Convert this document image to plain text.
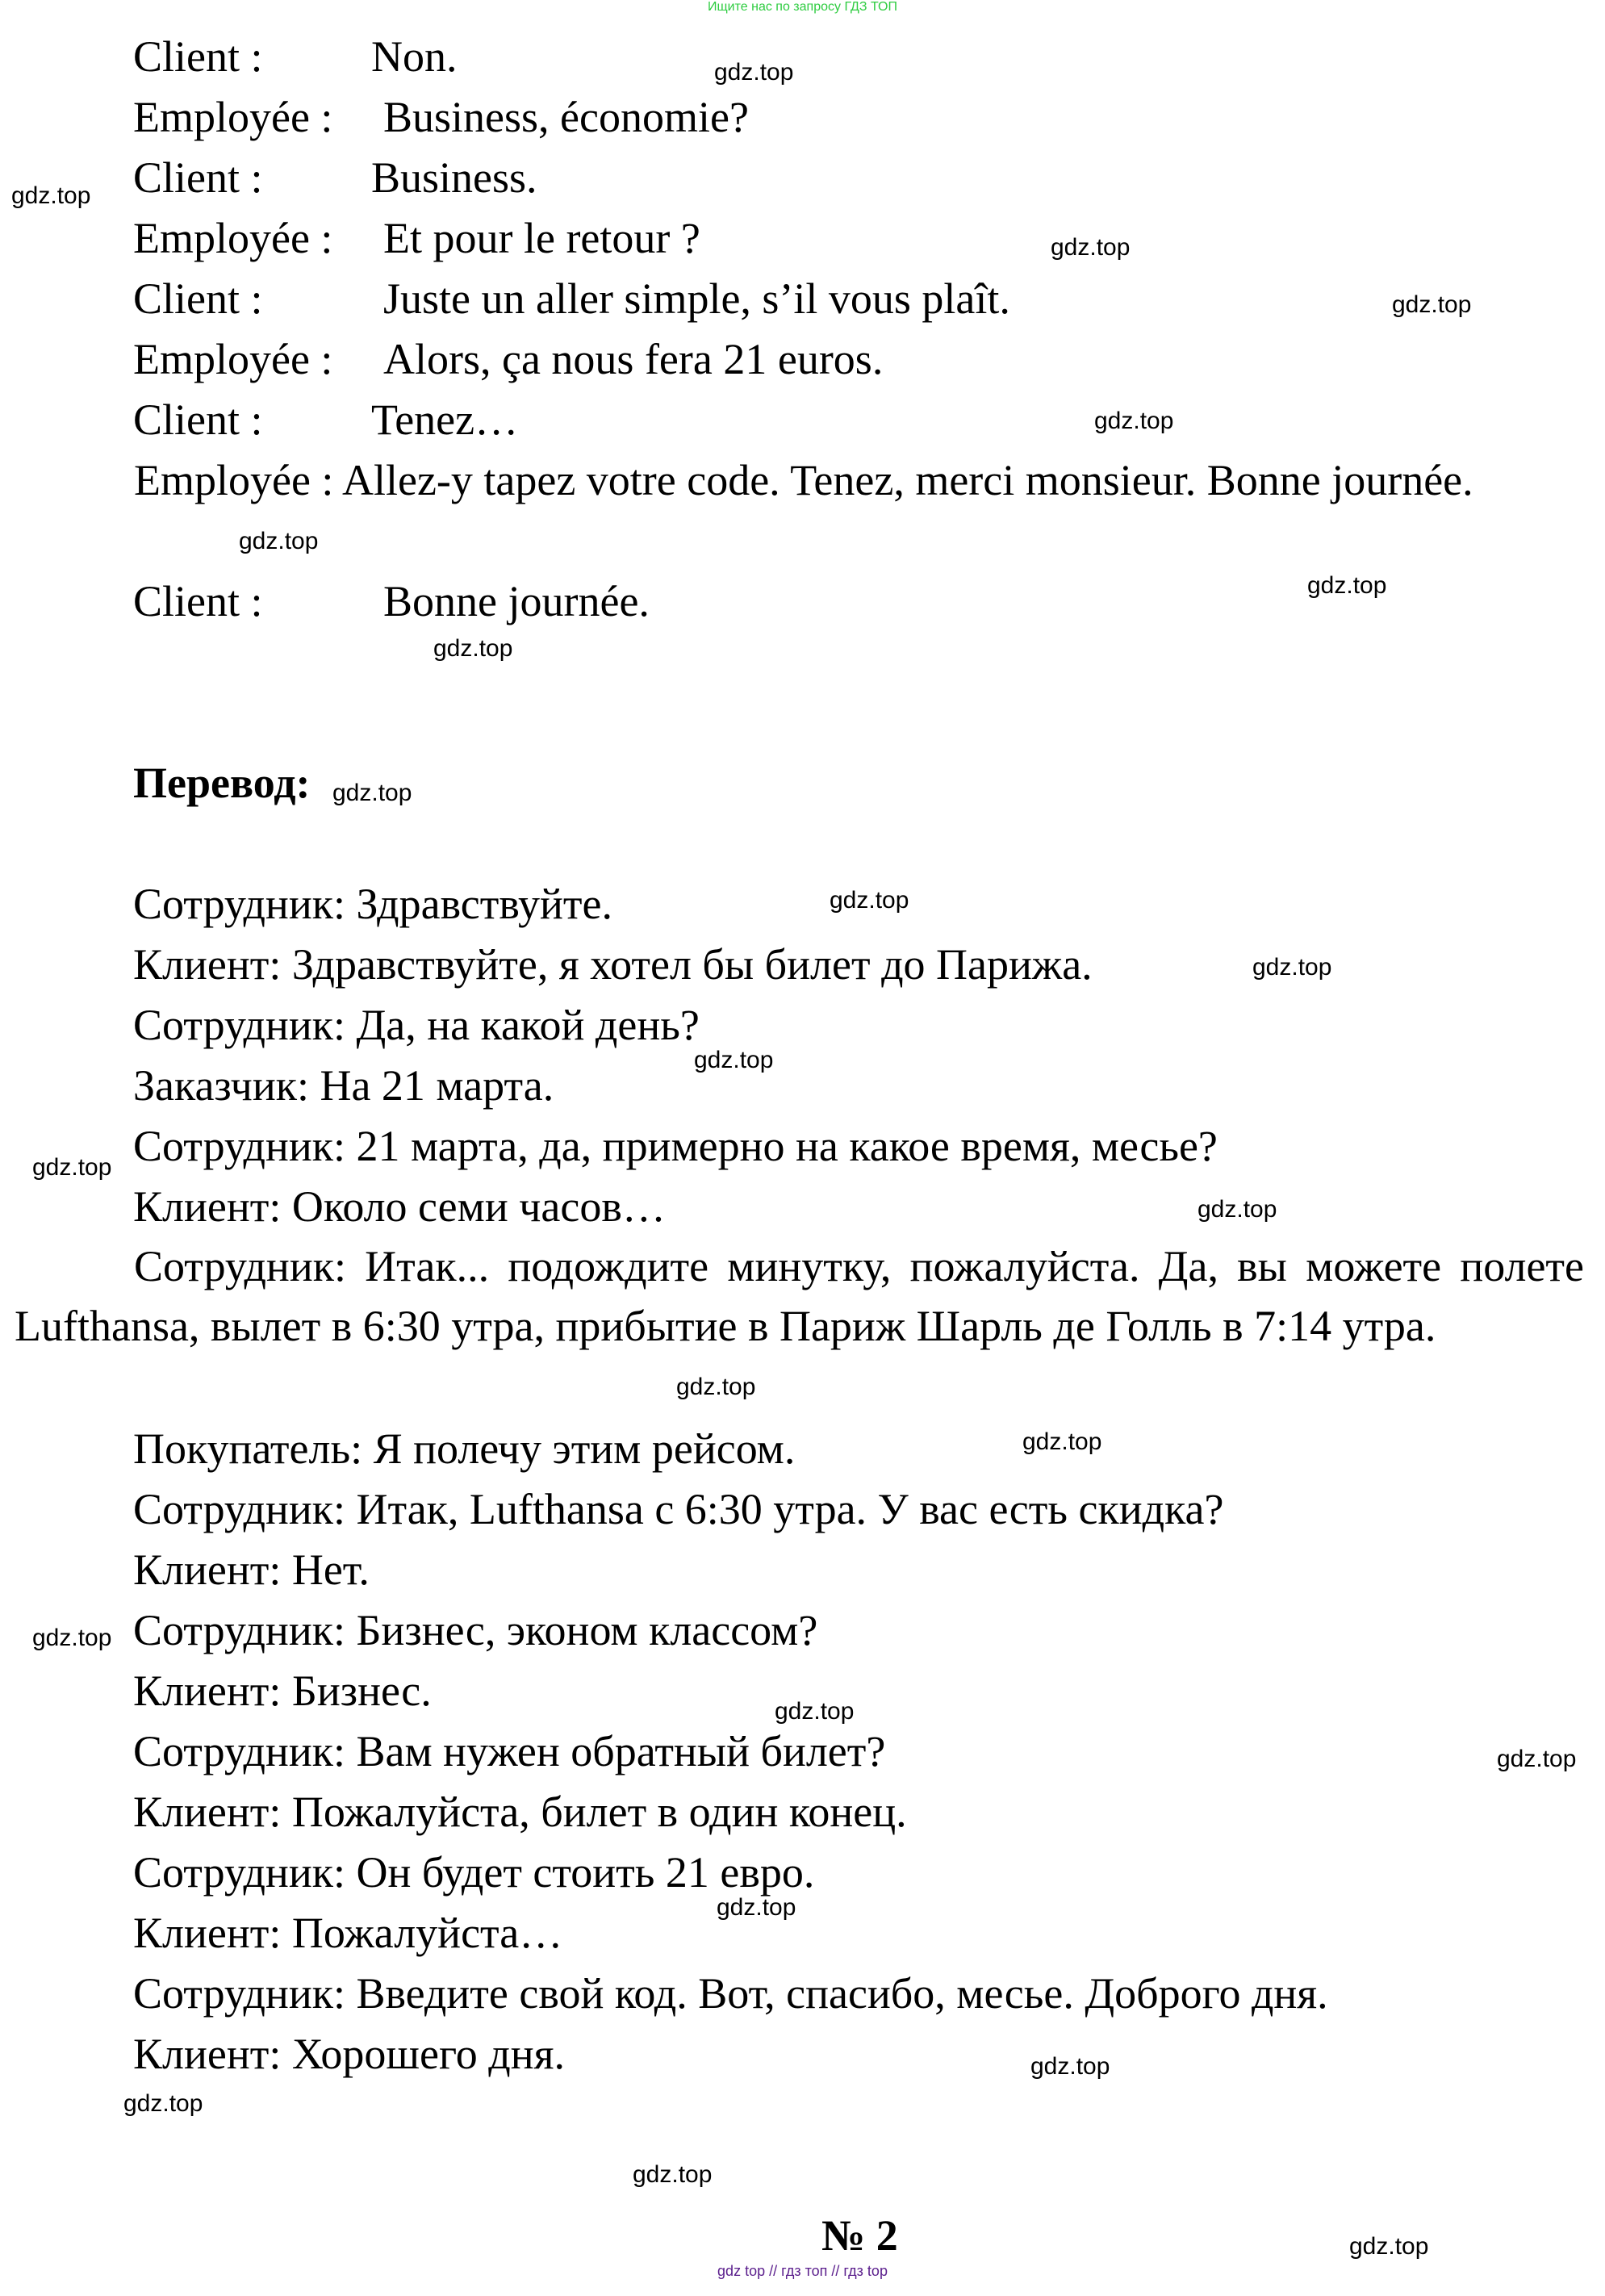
Ищите нас по запросу ГДЗ ТОП
Client : Non.
Employée : Business, économie?
Client : Business.
Employée : Et pour le retour ?
Client :	Juste un aller simple, s’il vous plaît.
Employée : Alors, ça nous fera 21 euros.
Client : Tenez…
Employée : Allez-y tapez votre code. Tenez, merci monsieur. Bonne journée.
Client :	Bonne journée.
Перевод:
Сотрудник: Здравствуйте.
Клиент: Здравствуйте, я хотел бы билет до Парижа.
Сотрудник: Да, на какой день?
Заказчик: На 21 марта.
Сотрудник: 21 марта, да, примерно на какое время, месье?
Клиент: Около семи часов…
Сотрудник: Итак... подождите минутку, пожалуйста. Да, вы можете полете Lufthansa, вылет в 6:30 утра, прибытие в Париж Шарль де Голль в 7:14 утра.
Покупатель: Я полечу этим рейсом.
Сотрудник: Итак, Lufthansa с 6:30 утра. У вас есть скидка?
Клиент: Нет.
Сотрудник: Бизнес, эконом классом?
Клиент: Бизнес.
Сотрудник: Вам нужен обратный билет?
Клиент: Пожалуйста, билет в один конец.
Сотрудник: Он будет стоить 21 евро.
Клиент: Пожалуйста…
Сотрудник: Введите свой код. Вот, спасибо, месье. Доброго дня.
Клиент: Хорошего дня.
№ 2
gdz.top
gdz.top
gdz.top
gdz.top
gdz.top
gdz.top
gdz.top
gdz.top
gdz.top
gdz.top
gdz.top
gdz.top
gdz.top
gdz.top
gdz.top
gdz.top
gdz.top
gdz.top
gdz.top
gdz.top
gdz.top
gdz.top
gdz.top
gdz.top
gdz top // гдз топ // гдз top
